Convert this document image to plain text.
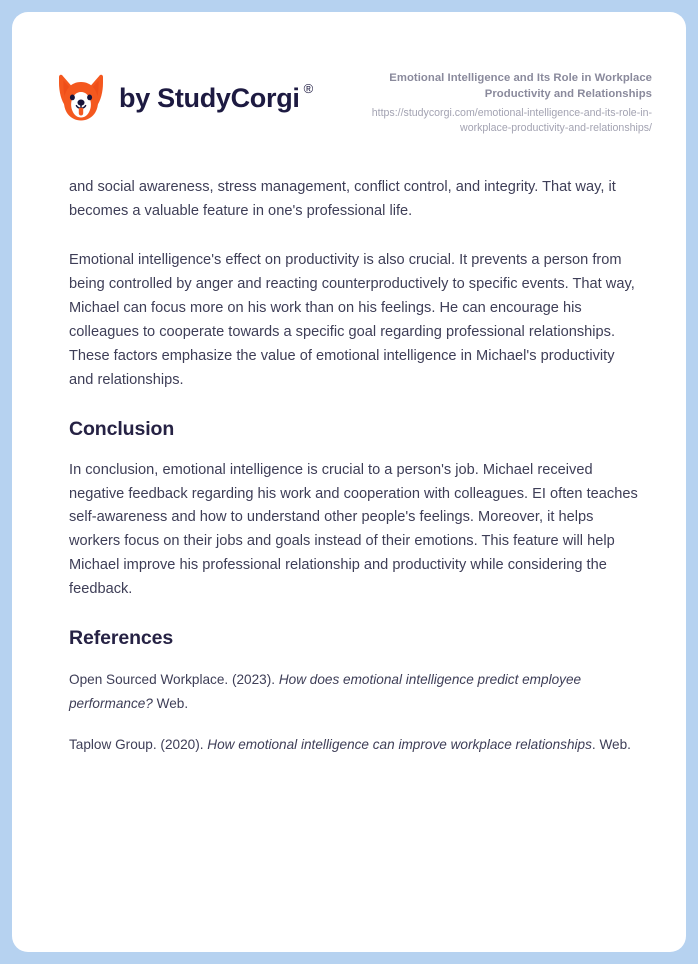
by StudyCorgi ®

Emotional Intelligence and Its Role in Workplace Productivity and Relationships

https://studycorgi.com/emotional-intelligence-and-its-role-in-workplace-productivity-and-relationships/

and social awareness, stress management, conflict control, and integrity. That way, it becomes a valuable feature in one's professional life.

Emotional intelligence's effect on productivity is also crucial. It prevents a person from being controlled by anger and reacting counterproductively to specific events. That way, Michael can focus more on his work than on his feelings. He can encourage his colleagues to cooperate towards a specific goal regarding professional relationships. These factors emphasize the value of emotional intelligence in Michael's productivity and relationships.

Conclusion

In conclusion, emotional intelligence is crucial to a person's job. Michael received negative feedback regarding his work and cooperation with colleagues. EI often teaches self-awareness and how to understand other people's feelings. Moreover, it helps workers focus on their jobs and goals instead of their emotions. This feature will help Michael improve his professional relationship and productivity while considering the feedback.

References

Open Sourced Workplace. (2023). How does emotional intelligence predict employee performance? Web.

Taplow Group. (2020). How emotional intelligence can improve workplace relationships. Web.
